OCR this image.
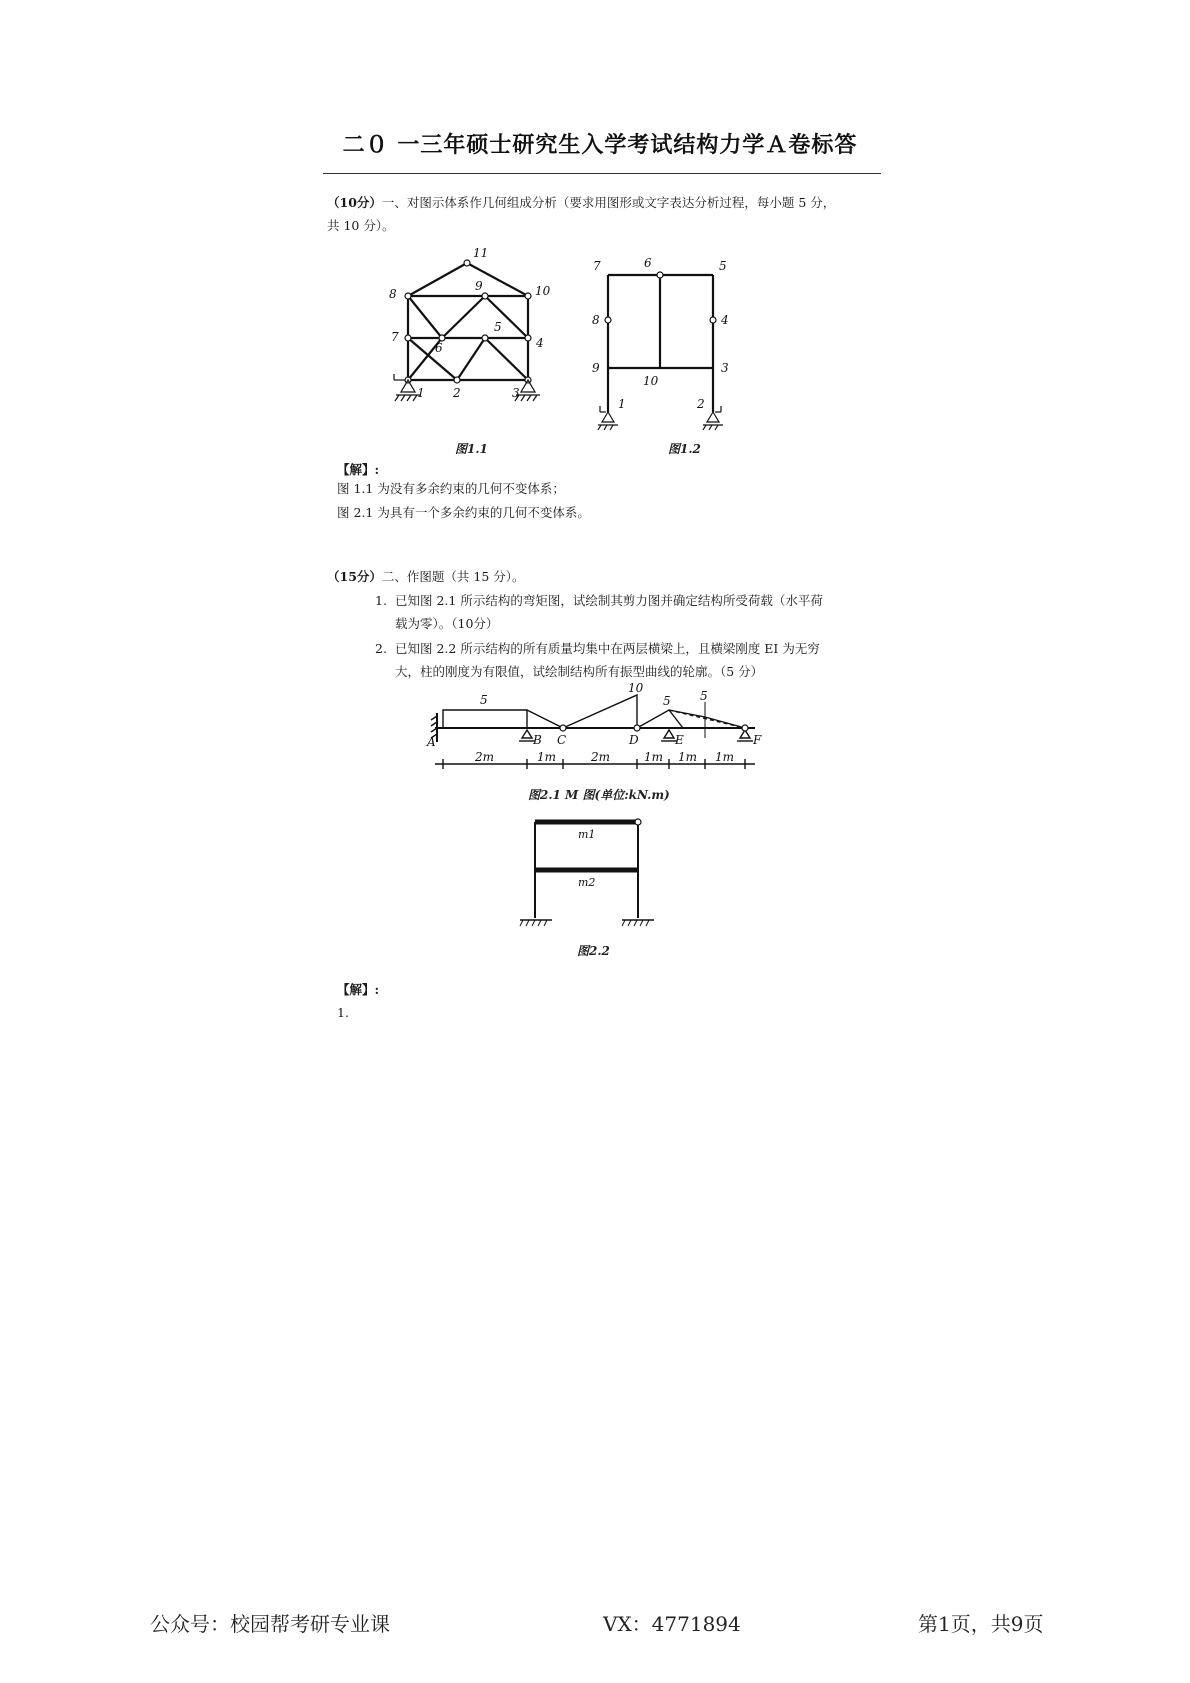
二０ 一三年硕士研究生入学考试结构力学Ａ卷标答
（10分）一、对图示体系作几何组成分析（要求用图形或文字表达分析过程，每小题 5 分，
共 10 分）。
11
8
9	10
7
5
6	4
1 2	3
图1.1
7	6	5
8	4
9
10
3
1	2
图1.2
【解】:
图 1.1 为没有多余约束的几何不变体系；
图 2.1 为具有一个多余约束的几何不变体系。
（15分）二、作图题（共 15 分）。
1. 已知图 2.1 所示结构的弯矩图，试绘制其剪力图并确定结构所受荷载（水平荷
载为零）。（10分）
2. 已知图 2.2 所示结构的所有质量均集中在两层横梁上，且横梁刚度 EI 为无穷
大，柱的刚度为有限值，试绘制结构所有振型曲线的轮廓。（5 分）
5
10
5 5
A	B C	D	E	F
2m	1m	2m	1m 1m 1m
图2.1 M 图(单位:kN.m)
m1
m2
图2.2
【解】:
1.
公众号：校园帮考研专业课	VX：4771894	第1页，共9页
